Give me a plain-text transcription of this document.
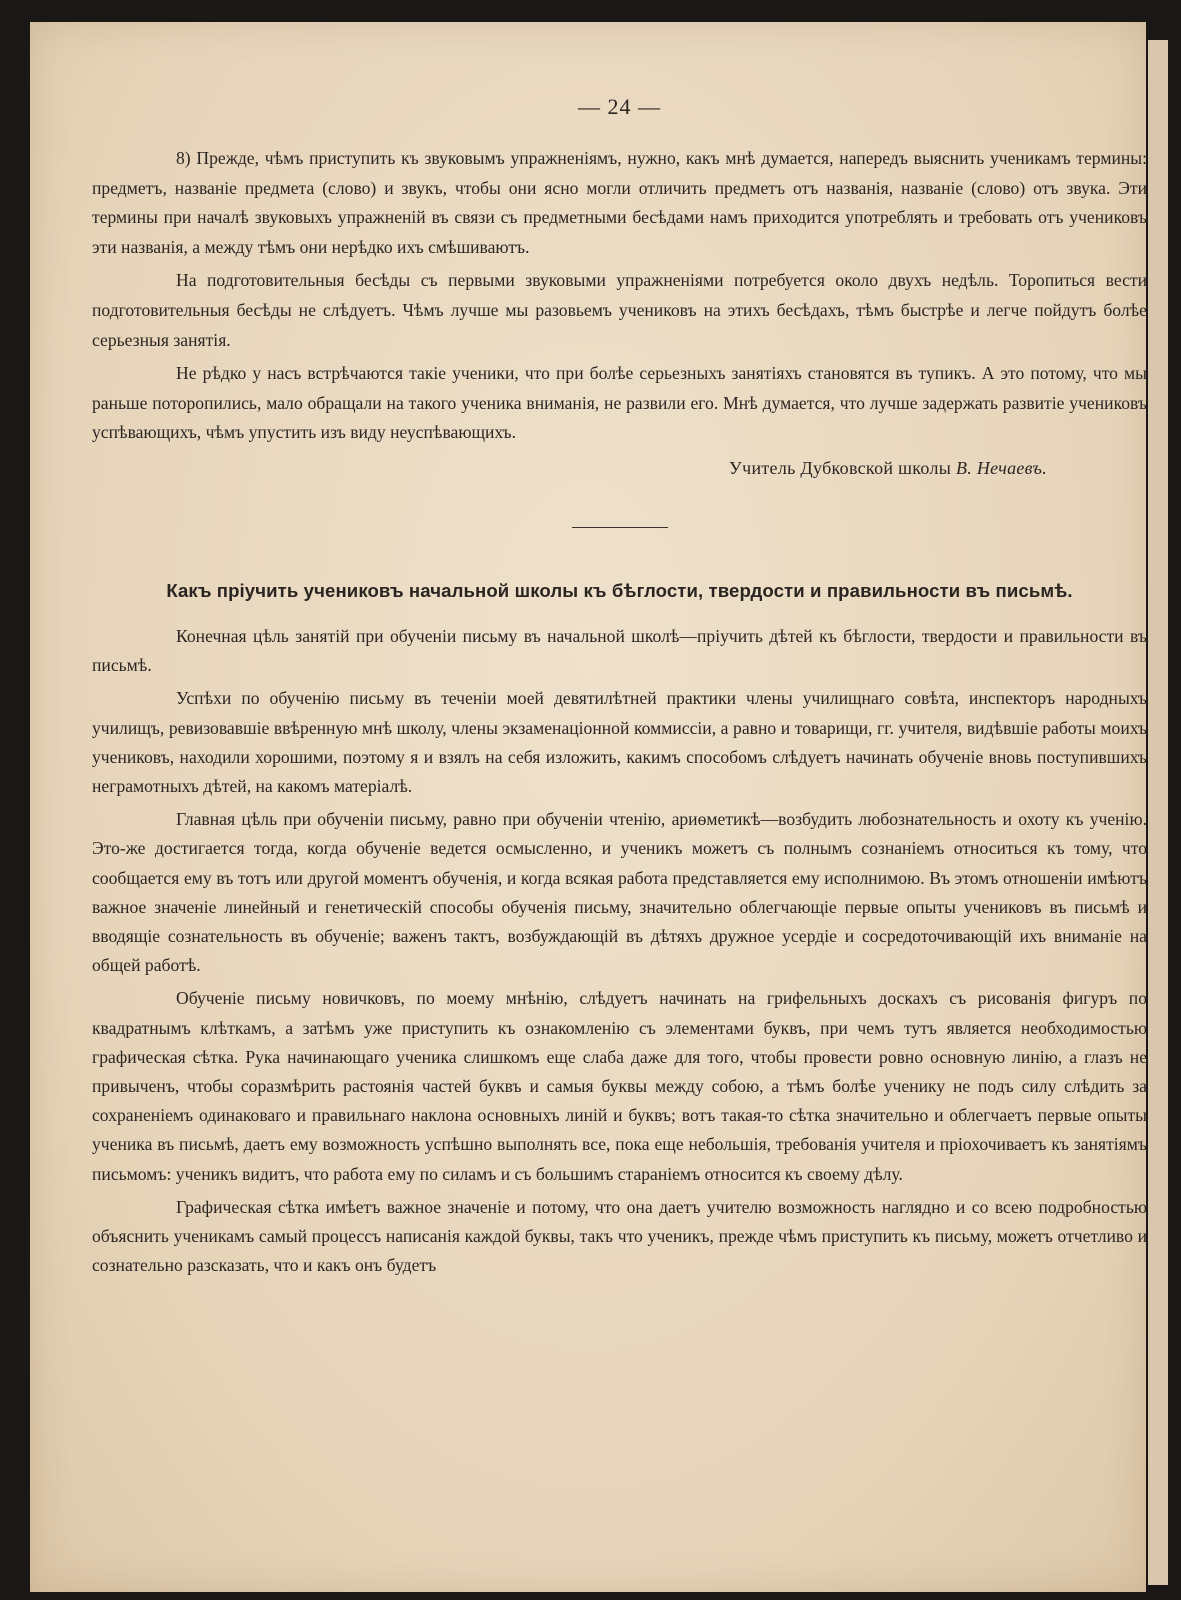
— 24 —

8) Прежде, чѣмъ приступить къ звуковымъ упражненіямъ, нужно, какъ мнѣ думается, напередъ выяснить ученикамъ термины: предметъ, названіе предмета (слово) и звукъ, чтобы они ясно могли отличить предметъ отъ названія, названіе (слово) отъ звука. Эти термины при началѣ звуковыхъ упражненій въ связи съ предметными бесѣдами намъ приходится употреблять и требовать отъ учениковъ эти названія, а между тѣмъ они нерѣдко ихъ смѣшиваютъ.

На подготовительныя бесѣды съ первыми звуковыми упражненіями потребуется около двухъ недѣль. Торопиться вести подготовительныя бесѣды не слѣдуетъ. Чѣмъ лучше мы разовьемъ учениковъ на этихъ бесѣдахъ, тѣмъ быстрѣе и легче пойдутъ болѣе серьезныя занятія.

Не рѣдко у насъ встрѣчаются такіе ученики, что при болѣе серьезныхъ занятіяхъ становятся въ тупикъ. А это потому, что мы раньше поторопились, мало обращали на такого ученика вниманія, не развили его. Мнѣ думается, что лучше задержать развитіе учениковъ успѣвающихъ, чѣмъ упустить изъ виду неуспѣвающихъ.

Учитель Дубковской школы В. Нечаевъ.
Какъ пріучить учениковъ начальной школы къ бѣглости, твердости и правильности въ письмѣ.

Конечная цѣль занятій при обученіи письму въ начальной школѣ—пріучить дѣтей къ бѣглости, твердости и правильности въ письмѣ.

Успѣхи по обученію письму въ теченіи моей девятилѣтней практики члены училищнаго совѣта, инспекторъ народныхъ училищъ, ревизовавшіе ввѣренную мнѣ школу, члены экзаменаціонной коммиссіи, а равно и товарищи, гг. учителя, видѣвшіе работы моихъ учениковъ, находили хорошими, поэтому я и взялъ на себя изложить, какимъ способомъ слѣдуетъ начинать обученіе вновь поступившихъ неграмотныхъ дѣтей, на какомъ матеріалѣ.

Главная цѣль при обученіи письму, равно при обученіи чтенію, ариѳметикѣ—возбудить любознательность и охоту къ ученію. Это-же достигается тогда, когда обученіе ведется осмысленно, и ученикъ можетъ съ полнымъ сознаніемъ относиться къ тому, что сообщается ему въ тотъ или другой моментъ обученія, и когда всякая работа представляется ему исполнимою. Въ этомъ отношеніи имѣютъ важное значеніе линейный и генетическій способы обученія письму, значительно облегчающіе первые опыты учениковъ въ письмѣ и вводящіе сознательность въ обученіе; важенъ тактъ, возбуждающій въ дѣтяхъ дружное усердіе и сосредоточивающій ихъ вниманіе на общей работѣ.

Обученіе письму новичковъ, по моему мнѣнію, слѣдуетъ начинать на грифельныхъ доскахъ съ рисованія фигуръ по квадратнымъ клѣткамъ, а затѣмъ уже приступить къ ознакомленію съ элементами буквъ, при чемъ тутъ является необходимостью графическая сѣтка. Рука начинающаго ученика слишкомъ еще слаба даже для того, чтобы провести ровно основную линію, а глазъ не привыченъ, чтобы соразмѣрить растоянія частей буквъ и самыя буквы между собою, а тѣмъ болѣе ученику не подъ силу слѣдить за сохраненіемъ одинаковаго и правильнаго наклона основныхъ линій и буквъ; вотъ такая-то сѣтка значительно и облегчаетъ первые опыты ученика въ письмѣ, даетъ ему возможность успѣшно выполнять все, пока еще небольшія, требованія учителя и пріохочиваетъ къ занятіямъ письмомъ: ученикъ видитъ, что работа ему по силамъ и съ большимъ стараніемъ относится къ своему дѣлу.

Графическая сѣтка имѣетъ важное значеніе и потому, что она даетъ учителю возможность наглядно и со всею подробностью объяснить ученикамъ самый процессъ написанія каждой буквы, такъ что ученикъ, прежде чѣмъ приступить къ письму, можетъ отчетливо и сознательно разсказать, что и какъ онъ будетъ
